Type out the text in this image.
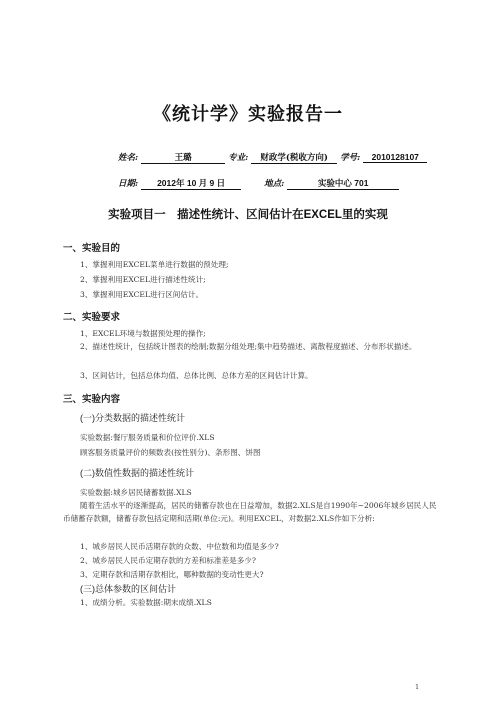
《统计学》实验报告一
姓名:	王璐	专业: 财政学(税收方向) 学号: 2010128107
日期: 2012年 10 月 9 日	地点:	实验中心 701
实验项目一　描述性统计、区间估计在EXCEL里的实现
一、实验目的
1、掌握利用EXCEL菜单进行数据的预处理;
2、掌握利用EXCEL进行描述性统计;
3、掌握利用EXCEL进行区间估计。
二、实验要求
1、EXCEL环境与数据预处理的操作;
2、描述性统计，包括统计图表的绘制;数据分组处理;集中趋势描述、离散程度描述、分布形状描述。
3、区间估计，包括总体均值、总体比例、总体方差的区间估计计算。
三、实验内容
(一)分类数据的描述性统计
实验数据:餐厅服务质量和价位评价.XLS
顾客服务质量评价的频数表(按性别分)、条形图、饼图
(二)数值性数据的描述性统计
实验数据:城乡居民储蓄数据.XLS
随着生活水平的逐渐提高，居民的储蓄存款也在日益增加，数据2.XLS是自1990年~2006年城乡居民人民币储蓄存款额，储蓄存款包括定期和活期(单位:元)。利用EXCEL，对数据2.XLS作如下分析:
1、城乡居民人民币活期存款的众数、中位数和均值是多少?
2、城乡居民人民币定期存款的方差和标准差是多少?
3、定期存款和活期存款相比，哪种数据的变动性更大?
(三)总体参数的区间估计
1、成绩分析。实验数据:期末成绩.XLS
1
